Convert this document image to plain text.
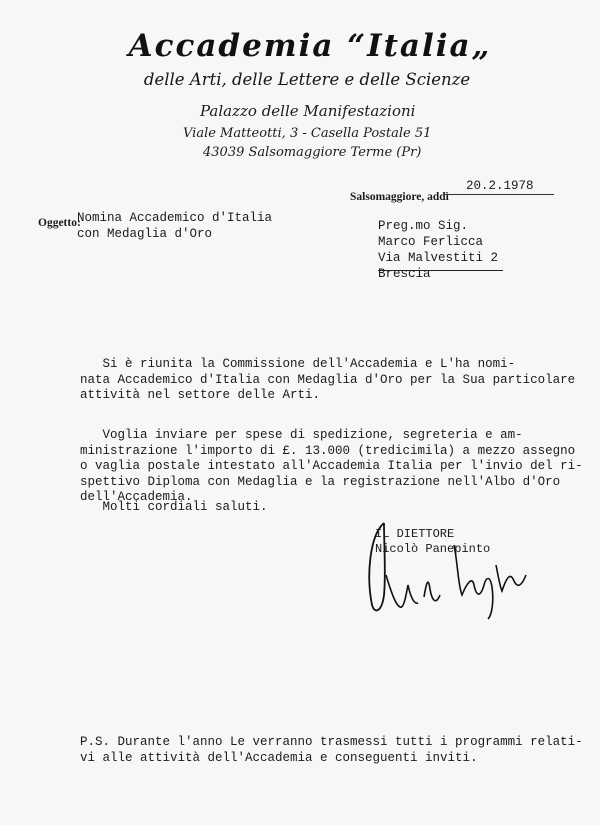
Accademia “Italia„
delle Arti, delle Lettere e delle Scienze
Palazzo delle Manifestazioni
Viale Matteotti, 3 - Casella Postale 51
43039 Salsomaggiore Terme (Pr)
Salsomaggiore, addì
20.2.1978
Oggetto:
Nomina Accademico d'Italia
con Medaglia d'Oro
Preg.mo Sig.
Marco Ferlicca
Via Malvestiti 2
Brescia
Si è riunita la Commissione dell'Accademia e L'ha nomi-
nata Accademico d'Italia con Medaglia d'Oro per la Sua particolare
attività nel settore delle Arti.
Voglia inviare per spese di spedizione, segreteria e am-
ministrazione l'importo di £. 13.000 (tredicimila) a mezzo assegno
o vaglia postale intestato all'Accademia Italia per l'invio del ri-
spettivo Diploma con Medaglia e la registrazione nell'Albo d'Oro
dell'Accademia.
Molti cordiali saluti.
IL DIETTORE
Nicolò Panepinto
P.S. Durante l'anno Le verranno trasmessi tutti i programmi relati-
vi alle attività dell'Accademia e conseguenti inviti.
